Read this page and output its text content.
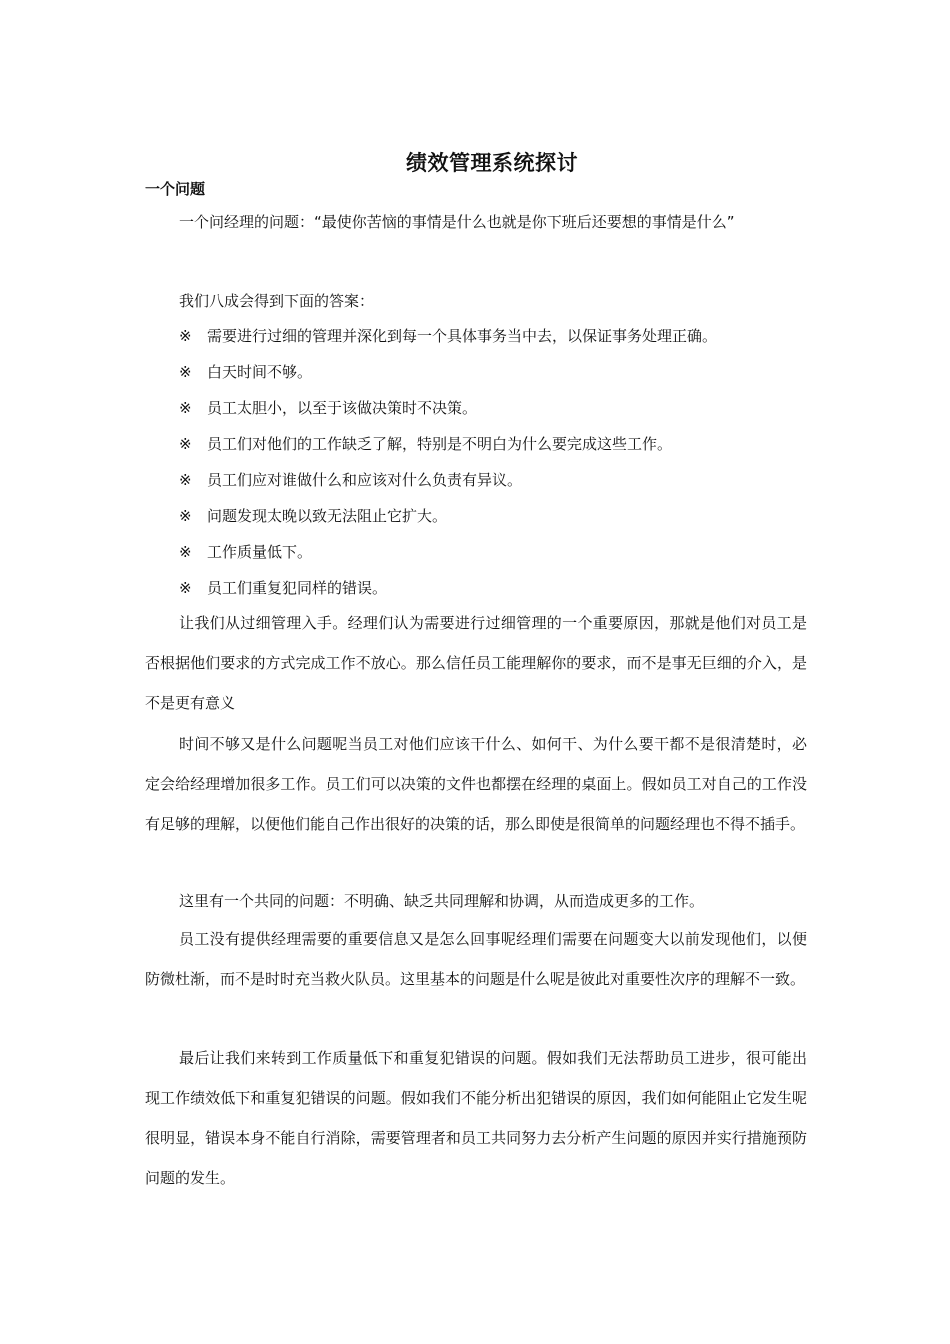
绩效管理系统探讨
一个问题

一个问经理的问题：“最使你苦恼的事情是什么也就是你下班后还要想的事情是什么”

我们八成会得到下面的答案：

※ 需要进行过细的管理并深化到每一个具体事务当中去，以保证事务处理正确。
※ 白天时间不够。
※ 员工太胆小，以至于该做决策时不决策。
※ 员工们对他们的工作缺乏了解，特别是不明白为什么要完成这些工作。
※ 员工们应对谁做什么和应该对什么负责有异议。
※ 问题发现太晚以致无法阻止它扩大。
※ 工作质量低下。
※ 员工们重复犯同样的错误。

让我们从过细管理入手。经理们认为需要进行过细管理的一个重要原因，那就是他们对员工是否根据他们要求的方式完成工作不放心。那么信任员工能理解你的要求，而不是事无巨细的介入，是不是更有意义

时间不够又是什么问题呢当员工对他们应该干什么、如何干、为什么要干都不是很清楚时，必定会给经理增加很多工作。员工们可以决策的文件也都摆在经理的桌面上。假如员工对自己的工作没有足够的理解，以便他们能自己作出很好的决策的话，那么即使是很简单的问题经理也不得不插手。

这里有一个共同的问题：不明确、缺乏共同理解和协调，从而造成更多的工作。

员工没有提供经理需要的重要信息又是怎么回事呢经理们需要在问题变大以前发现他们，以便防微杜渐，而不是时时充当救火队员。这里基本的问题是什么呢是彼此对重要性次序的理解不一致。

最后让我们来转到工作质量低下和重复犯错误的问题。假如我们无法帮助员工进步，很可能出现工作绩效低下和重复犯错误的问题。假如我们不能分析出犯错误的原因，我们如何能阻止它发生呢很明显，错误本身不能自行消除，需要管理者和员工共同努力去分析产生问题的原因并实行措施预防问题的发生。
